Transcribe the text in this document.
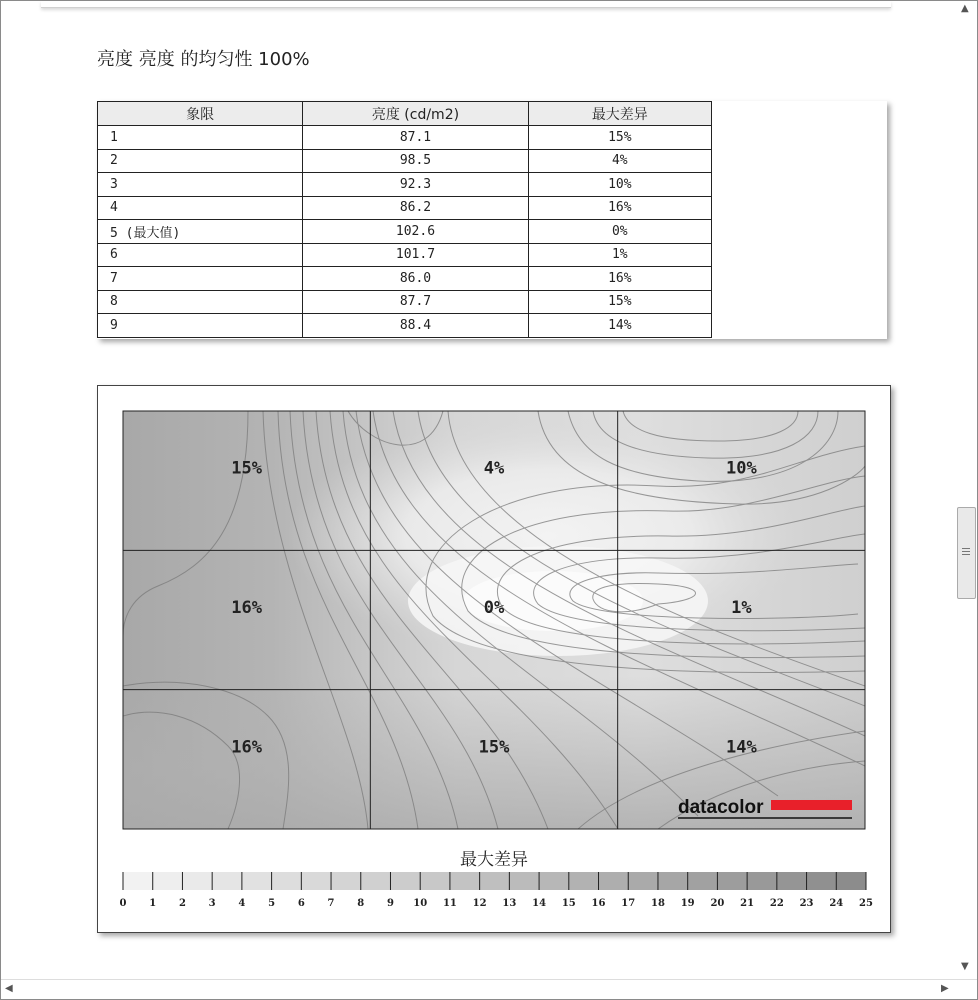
亮度 亮度 的均匀性 100%
象限	亮度 (cd/m2)	最大差异
1	87.1	15%
2	98.5	4%
3	92.3	10%
4	86.2	16%
5 (最大值)	102.6	0%
6	101.7	1%
7	86.0	16%
8	87.7	15%
9	88.4	14%
15%	4%	10%
16%	0%	1%
16%	15%	14%
datacolor
最大差异
0 1 2 3 4 5 6 7 8 9 10 11 12 13 14 15 16 17 18 19 20 21 22 23 24 25
▲
▼
◀	▶
